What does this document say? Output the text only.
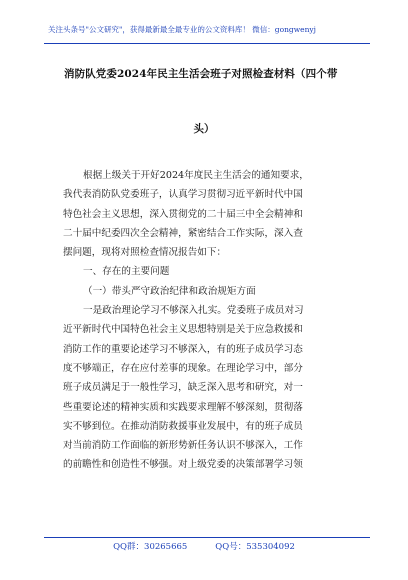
关注头条号"公文研究"，获得最新最全最专业的公文资料库！ 微信：gongwenyj
消防队党委2024年民主生活会班子对照检查材料（四个带
头）
根据上级关于开好2024年度民主生活会的通知要求，
我代表消防队党委班子，认真学习贯彻习近平新时代中国
特色社会主义思想，深入贯彻党的二十届三中全会精神和
二十届中纪委四次全会精神，紧密结合工作实际，深入查
摆问题，现将对照检查情况报告如下：
一、存在的主要问题
（一）带头严守政治纪律和政治规矩方面
一是政治理论学习不够深入扎实。党委班子成员对习
近平新时代中国特色社会主义思想特别是关于应急救援和
消防工作的重要论述学习不够深入，有的班子成员学习态
度不够端正，存在应付差事的现象。在理论学习中，部分
班子成员满足于一般性学习，缺乏深入思考和研究，对一
些重要论述的精神实质和实践要求理解不够深刻，贯彻落
实不够到位。在推动消防救援事业发展中，有的班子成员
对当前消防工作面临的新形势新任务认识不够深入，工作
的前瞻性和创造性不够强。对上级党委的决策部署学习领
QQ群：30265665	QQ号：535304092
